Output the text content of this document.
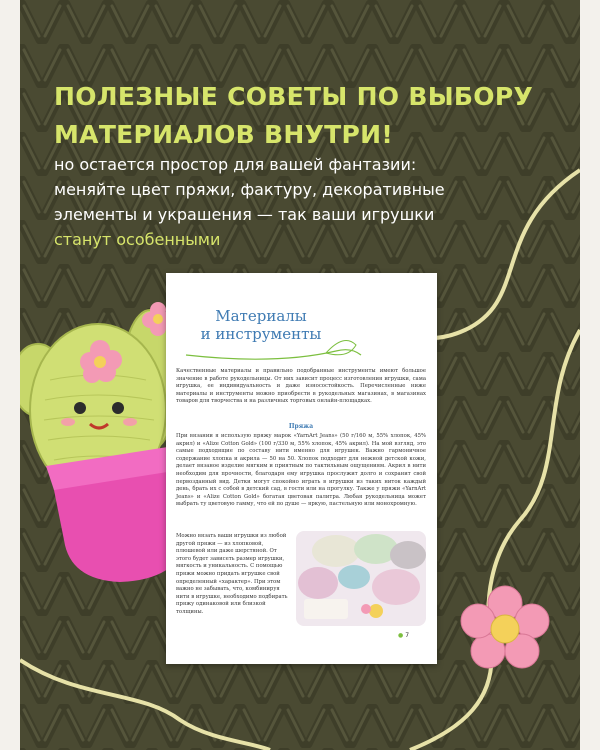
ПОЛЕЗНЫЕ СОВЕТЫ ПО ВЫБОРУ
МАТЕРИАЛОВ ВНУТРИ!
но остается простор для вашей фантазии:
меняйте цвет пряжи, фактуру, декоративные
элементы и украшения — так ваши игрушки
станут особенными
Материалы
и инструменты

Качественные материалы и правильно подобранные инструменты имеют большое значение в работе рукодельницы. От них зависит процесс изготовления игрушки, сама игрушка, ее индивидуальность и даже износостойкость. Перечисленные ниже материалы и инструменты можно приобрести в рукодельных магазинах, в магазинах товаров для творчества и на различных торговых онлайн-площадках.

Пряжа

При вязании я использую пряжу марок «YarnArt Jeans» (50 г/160 м, 55% хлопок, 45% акрил) и «Alize Cotton Gold» (100 г/330 м, 55% хлопок, 45% акрил). На мой взгляд, это самые подходящие по составу нити именно для игрушек. Важно гармоничное содержание хлопка и акрила — 50 на 50. Хлопок подходит для нежной детской кожи, делает вязаное изделие мягким и приятным по тактильным ощущениям. Акрил в нити необходим для прочности, благодаря ему игрушка прослужит долго и сохранит свой первозданный вид. Детки могут спокойно играть в игрушки из таких ниток каждый день, брать их с собой в детский сад, в гости или на прогулку. Также у пряжи «YarnArt Jeans» и «Alize Cotton Gold» богатая цветовая палитра. Любая рукодельница может выбрать ту цветовую гамму, что ей по душе — яркую, пастельную или монохромную.

Можно вязать ваши игрушки из любой другой пряжи — из хлопковой, плюшевой или даже шерстяной. От этого будет зависеть размер игрушки, мягкость и уникальность. С помощью пряжи можно придать игрушке свой определенный «характер». При этом важно не забывать, что, комбинируя нити в игрушке, необходимо подбирать пряжу одинаковой или близкой толщины.

● 7
